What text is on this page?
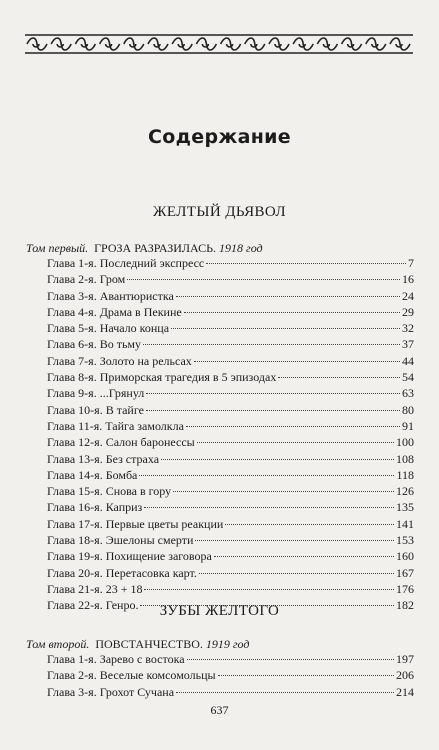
Содержание
ЖЕЛТЫЙ ДЬЯВОЛ
Том первый. ГРОЗА РАЗРАЗИЛАСЬ. 1918 год
Глава 1-я. Последний экспресс	7
Глава 2-я. Гром	16
Глава 3-я. Авантюристка	24
Глава 4-я. Драма в Пекине	29
Глава 5-я. Начало конца	32
Глава 6-я. Во тьму	37
Глава 7-я. Золото на рельсах	44
Глава 8-я. Приморская трагедия в 5 эпизодах	54
Глава 9-я. ...Грянул	63
Глава 10-я. В тайге	80
Глава 11-я. Тайга замолкла	91
Глава 12-я. Салон баронессы	100
Глава 13-я. Без страха	108
Глава 14-я. Бомба	118
Глава 15-я. Снова в гору	126
Глава 16-я. Каприз	135
Глава 17-я. Первые цветы реакции	141
Глава 18-я. Эшелоны смерти	153
Глава 19-я. Похищение заговора	160
Глава 20-я. Перетасовка карт.	167
Глава 21-я. 23 + 18	176
Глава 22-я. Генро.	182
ЗУБЫ ЖЕЛТОГО
Том второй. ПОВСТАНЧЕСТВО. 1919 год
Глава 1-я. Зарево с востока	197
Глава 2-я. Веселые комсомольцы	206
Глава 3-я. Грохот Сучана	214
637
